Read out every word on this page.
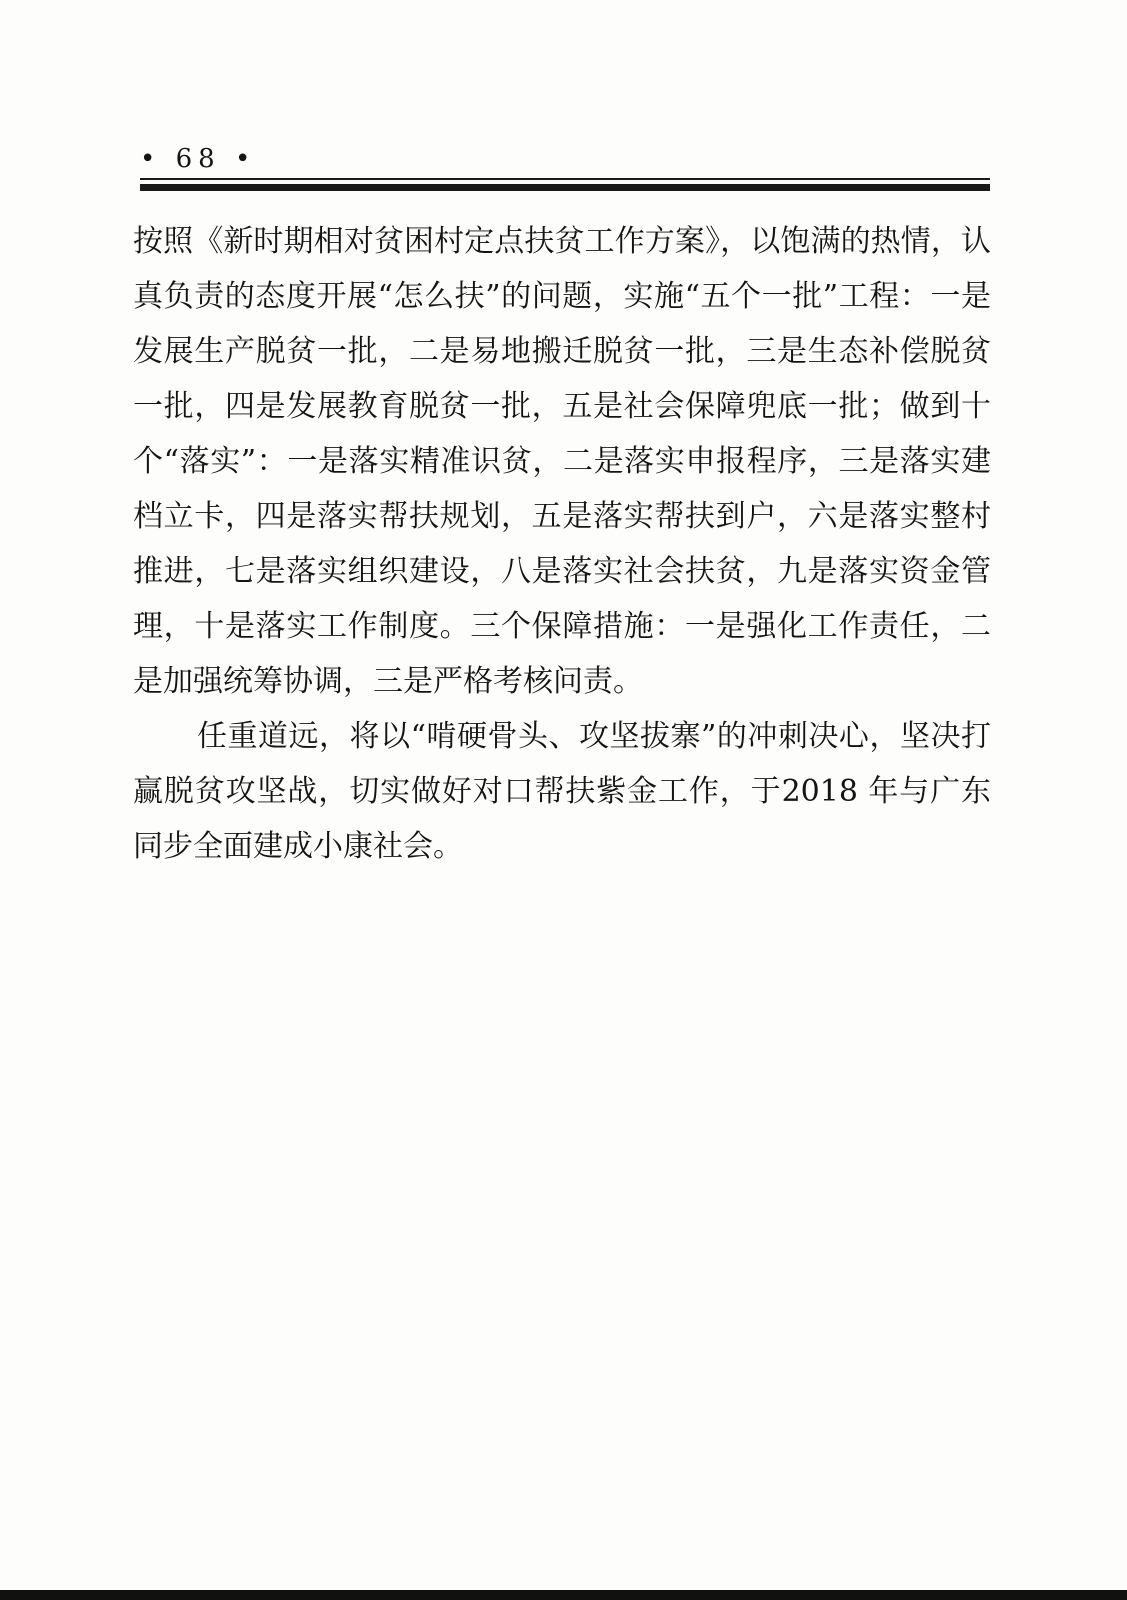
• 68 •

按照《新时期相对贫困村定点扶贫工作方案》，以饱满的热情，认真负责的态度开展“怎么扶”的问题，实施“五个一批”工程：一是发展生产脱贫一批，二是易地搬迁脱贫一批，三是生态补偿脱贫一批，四是发展教育脱贫一批，五是社会保障兜底一批；做到十个“落实”：一是落实精准识贫，二是落实申报程序，三是落实建档立卡，四是落实帮扶规划，五是落实帮扶到户，六是落实整村推进，七是落实组织建设，八是落实社会扶贫，九是落实资金管理，十是落实工作制度。三个保障措施：一是强化工作责任，二是加强统筹协调，三是严格考核问责。

任重道远，将以“啃硬骨头、攻坚拔寨”的冲刺决心，坚决打赢脱贫攻坚战，切实做好对口帮扶紫金工作，于2018 年与广东同步全面建成小康社会。
